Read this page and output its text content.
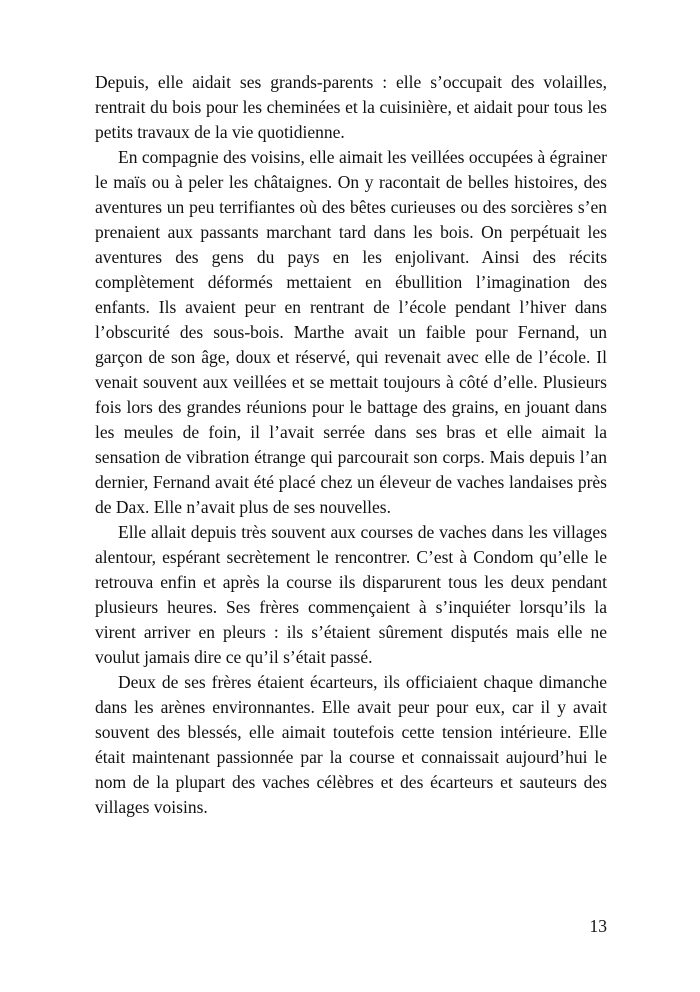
Depuis, elle aidait ses grands-parents : elle s’occupait des volailles, rentrait du bois pour les cheminées et la cuisinière, et aidait pour tous les petits travaux de la vie quotidienne.

En compagnie des voisins, elle aimait les veillées occupées à égrainer le maïs ou à peler les châtaignes. On y racontait de belles histoires, des aventures un peu terrifiantes où des bêtes curieuses ou des sorcières s’en prenaient aux passants marchant tard dans les bois. On perpétuait les aventures des gens du pays en les enjolivant. Ainsi des récits complètement déformés mettaient en ébullition l’imagination des enfants. Ils avaient peur en rentrant de l’école pendant l’hiver dans l’obscurité des sous-bois. Marthe avait un faible pour Fernand, un garçon de son âge, doux et réservé, qui revenait avec elle de l’école. Il venait souvent aux veillées et se mettait toujours à côté d’elle. Plusieurs fois lors des grandes réunions pour le battage des grains, en jouant dans les meules de foin, il l’avait serrée dans ses bras et elle aimait la sensation de vibration étrange qui parcourait son corps. Mais depuis l’an dernier, Fernand avait été placé chez un éleveur de vaches landaises près de Dax. Elle n’avait plus de ses nouvelles.

Elle allait depuis très souvent aux courses de vaches dans les villages alentour, espérant secrètement le rencontrer. C’est à Condom qu’elle le retrouva enfin et après la course ils disparurent tous les deux pendant plusieurs heures. Ses frères commençaient à s’inquiéter lorsqu’ils la virent arriver en pleurs : ils s’étaient sûrement disputés mais elle ne voulut jamais dire ce qu’il s’était passé.

Deux de ses frères étaient écarteurs, ils officiaient chaque dimanche dans les arènes environnantes. Elle avait peur pour eux, car il y avait souvent des blessés, elle aimait toutefois cette tension intérieure. Elle était maintenant passionnée par la course et connaissait aujourd’hui le nom de la plupart des vaches célèbres et des écarteurs et sauteurs des villages voisins.

13
